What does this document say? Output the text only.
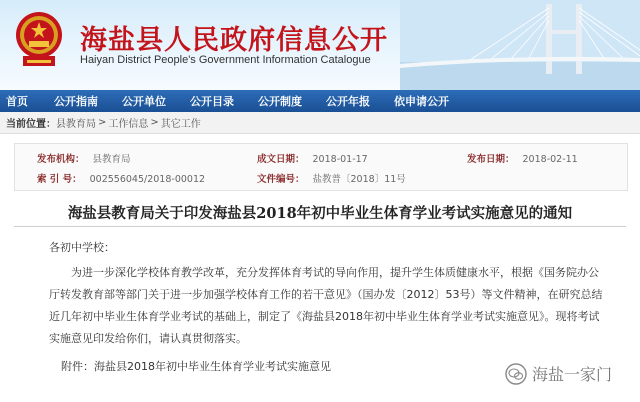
海盐县人民政府信息公开
Haiyan District People's Government Information Catalogue
首页	公开指南	公开单位	公开目录	公开制度	公开年报	依申请公开
当前位置： 县教育局 > 工作信息 > 其它工作
发布机构： 县教育局	成文日期： 2018-01-17	发布日期： 2018-02-11
索 引 号： 002556045/2018-00012	文件编号： 盐教普〔2018〕11号
海盐县教育局关于印发海盐县2018年初中毕业生体育学业考试实施意见的通知
各初中学校：
为进一步深化学校体育教学改革，充分发挥体育考试的导向作用，提升学生体质健康水平，根据《国务院办公厅转发教育部等部门关于进一步加强学校体育工作的若干意见》（国办发〔2012〕53号）等文件精神，在研究总结近几年初中毕业生体育学业考试的基础上，制定了《海盐县2018年初中毕业生体育学业考试实施意见》。现将考试实施意见印发给你们，请认真贯彻落实。
附件：海盐县2018年初中毕业生体育学业考试实施意见	海盐一家门
